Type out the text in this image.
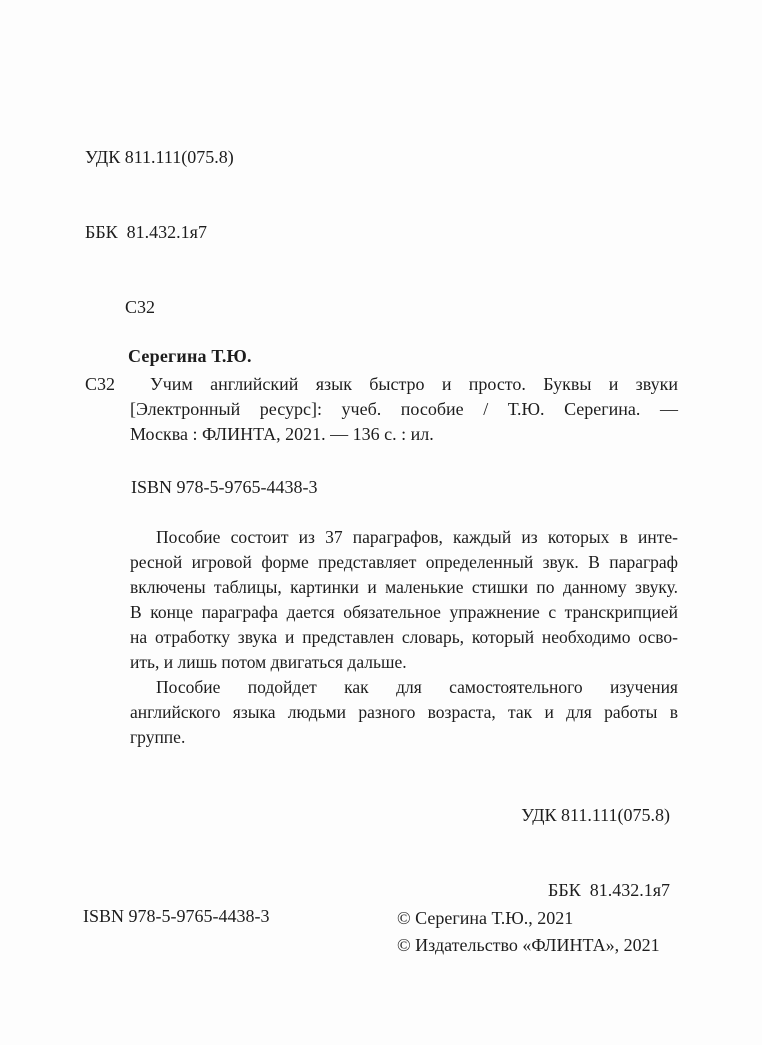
УДК 811.111(075.8)

ББК  81.432.1я7

С32

Серегина Т.Ю.
С32	Учим английский язык быстро и просто. Буквы и звуки
[Электронный ресурс]: учеб. пособие / Т.Ю. Серегина. —
Москва : ФЛИНТА, 2021. — 136 с. : ил.
ISBN 978-5-9765-4438-3
Пособие состоит из 37 параграфов, каждый из которых в инте-
ресной игровой форме представляет определенный звук. В параграф
включены таблицы, картинки и маленькие стишки по данному звуку.
В конце параграфа дается обязательное упражнение с транскрипцией
на отработку звука и представлен словарь, который необходимо осво-
ить, и лишь потом двигаться дальше.
Пособие подойдет как для самостоятельного изучения
английского языка людьми разного возраста, так и для работы в
группе.

УДК 811.111(075.8)

ББК  81.432.1я7

ISBN 978-5-9765-4438-3	© Серегина Т.Ю., 2021
© Издательство «ФЛИНТА», 2021
